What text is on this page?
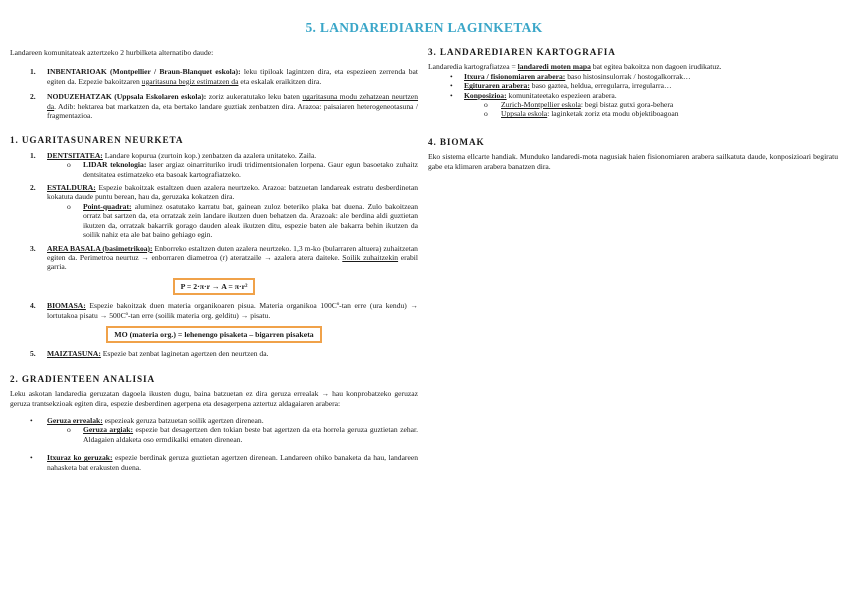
5. LANDAREDIAREN LAGINKETAK

Landareen komunitateak aztertzeko 2 hurbilketa alternatibo daude:

1. INBENTARIOAK (Montpellier / Braun-Blanquet eskola): leku tipiloak lagintzen dira, eta espezieen zerrenda bat egiten da. Ezpezie bakoitzaren ugaritasuna begiz estimatzen da eta eskalak eraikitzen dira.
2. NODUZEHATZAK (Uppsala Eskolaren eskola): zoriz aukeratutako leku baten ugaritasuna modu zehatzean neurtzen da. Adib: hektarea bat markatzen da, eta bertako landare guztiak zenbatzen dira. Arazoa: paisaiaren heterogeneotasuna / fragmentazioa.
1. UGARITASUNAREN NEURKETA
1. DENTSITATEA: Landare kopurua (zurtoin kop.) zenbatzen da azalera unitateko. Zaila.
o LIDAR teknologia: laser argiaz oinarrituriko irudi tridimentsionalen lorpena. Gaur egun basoetako zuhaitz dentsitatea estimatzeko eta basoak kartografiatzeko.
2. ESTALDURA: Espezie bakoitzak estaltzen duen azalera neurtzeko. Arazoa: batzuetan landareak estratu desberdinetan kokatuta daude puntu berean, hau da, geruzaka kokatzen dira.
o Point-quadrat: aluminez osatutako karratu bat, gainean zuloz beteriko plaka bat duena. Zulo bakoitzean orratz bat sartzen da, eta orratzak zein landare ikutzen duen behatzen da. Arazoak: ale berdina aldi guztietan ikutzen da, orratzak bakarrik gorago dauden aleak ikutzen ditu, espezie baten ale bakarra behin ikutzen da soilik nahiz eta ale bat baino gehiago egin.
3. AREA BASALA (basimetrikoa): Enborreko estaltzen duten azalera neurtzeko. 1,3 m-ko (bularraren altuera) zuhaitzetan egiten da. Perimetroa neurtuz → enborraren diametroa (r) ateratzaile → azalera atera daiteke. Soilik zuhaitzekin erabil garria.
P = 2·π·r → A = π·r²
4. BIOMASA: Espezie bakoitzak duen materia organikoaren pisua. Materia organikoa 100Cº-tan erre (ura kendu) → lortutakoa pisatu → 500Cº-tan erre (soilik materia org. gelditu) → pisatu.
MO (materia org.) = lehenengo pisaketa – bigarren pisaketa
5. MAIZTASUNA: Espezie bat zenbat laginetan agertzen den neurtzen da.
2. GRADIENTEEN ANALISIA

Leku askotan landaredia geruzatan dagoela ikusten dugu, baina batzuetan ez dira geruza errealak → hau konprobatzeko geruzaz geruza trantsekzioak egiten dira, espezie desberdinen agerpena eta desagerpena aztertuz aldagaiaren arabera:

• Geruza errealak: espezieak geruza batzuetan soilik agertzen direnean.
o Geruza argiak: espezie bat desagertzen den tokian beste bat agertzen da eta horrela geruza guztietan zehar. Aldagaien aldaketa oso ermdikalki ematen direnean.
• Itxuraz ko geruzak: espezie berdinak geruza guztietan agertzen direnean. Landareen ohiko banaketa da hau, landareen nahasketa bat erakusten duena.
3. LANDAREDIAREN KARTOGRAFIA

Landaredia kartografiatzea = landaredi moten mapa bat egitea bakoitza non dagoen irudikatuz.

• Itxura / fisionomiaren arabera: baso histosinsulorrak / hostogalkorrak…
• Egituraren arabera: baso gaztea, heldua, erregularra, irregularra…
• Konposizioa: komunitateetako espezieen arabera.
o Zurich-Montpellier eskola: begi bistaz gutxi gora-behera
o Uppsala eskola: laginketak zoriz eta modu objektiboagoan
4. BIOMAK

Eko sistema ellcarte handiak. Munduko landaredi-mota nagusiak haien fisionomiaren arabera sailkatuta daude, konposizioari begiratu gabe eta klimaren arabera banatzen dira.
